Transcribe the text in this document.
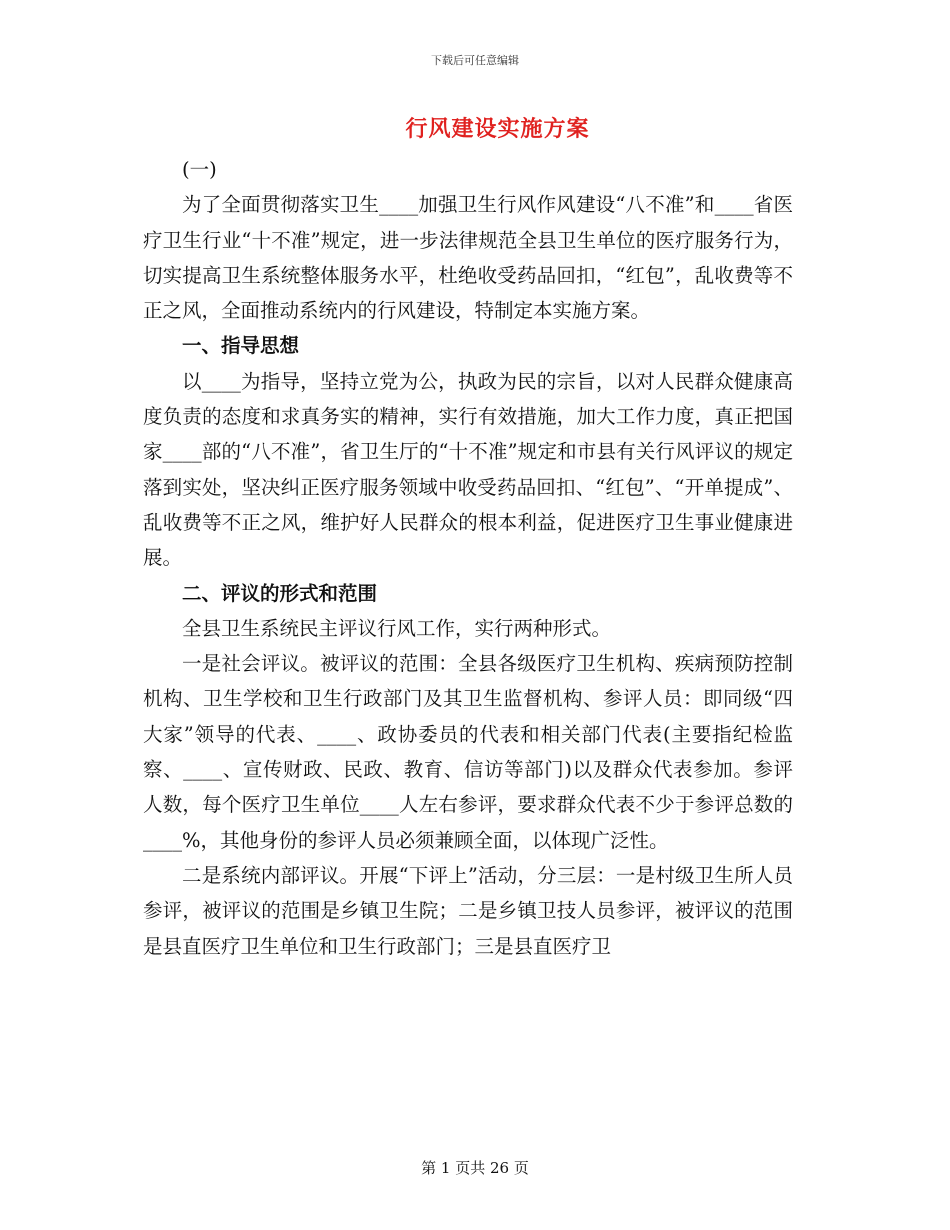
下载后可任意编辑
行风建设实施方案
(一)

为了全面贯彻落实卫生____加强卫生行风作风建设“八不准”和____省医疗卫生行业“十不准”规定，进一步法律规范全县卫生单位的医疗服务行为，切实提高卫生系统整体服务水平，杜绝收受药品回扣，“红包”，乱收费等不正之风，全面推动系统内的行风建设，特制定本实施方案。

一、指导思想

以____为指导，坚持立党为公，执政为民的宗旨，以对人民群众健康高度负责的态度和求真务实的精神，实行有效措施，加大工作力度，真正把国家____部的“八不准”，省卫生厅的“十不准”规定和市县有关行风评议的规定落到实处，坚决纠正医疗服务领域中收受药品回扣、“红包”、“开单提成”、乱收费等不正之风，维护好人民群众的根本利益，促进医疗卫生事业健康进展。

二、评议的形式和范围

全县卫生系统民主评议行风工作，实行两种形式。

一是社会评议。被评议的范围：全县各级医疗卫生机构、疾病预防控制机构、卫生学校和卫生行政部门及其卫生监督机构、参评人员：即同级“四大家”领导的代表、____、政协委员的代表和相关部门代表(主要指纪检监察、____、宣传财政、民政、教育、信访等部门)以及群众代表参加。参评人数，每个医疗卫生单位____人左右参评，要求群众代表不少于参评总数的____%，其他身份的参评人员必须兼顾全面，以体现广泛性。

二是系统内部评议。开展“下评上”活动，分三层：一是村级卫生所人员参评，被评议的范围是乡镇卫生院；二是乡镇卫技人员参评，被评议的范围是县直医疗卫生单位和卫生行政部门；三是县直医疗卫

第 1 页共 26 页
